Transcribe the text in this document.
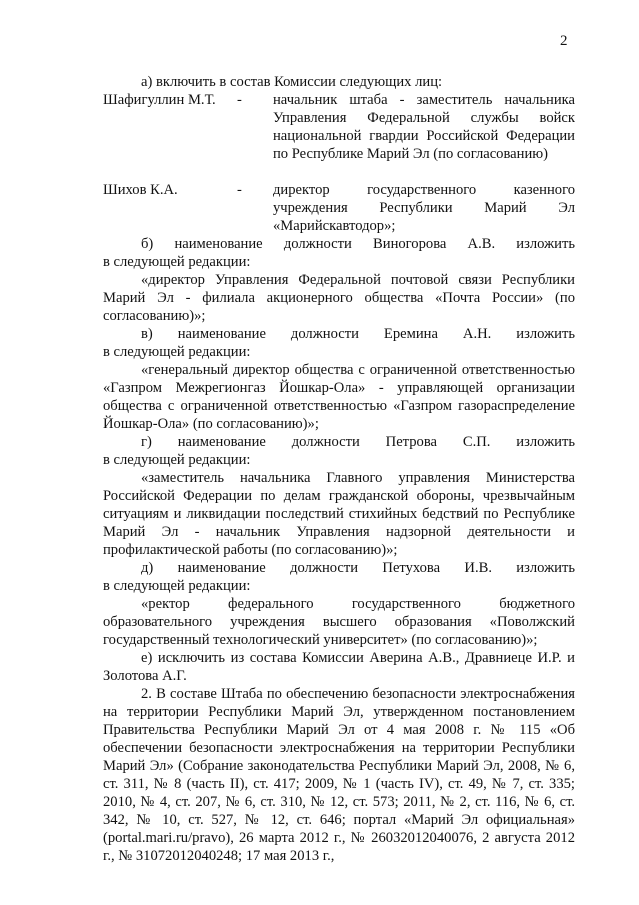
2

а) включить в состав Комиссии следующих лиц:

Шафигуллин М.Т.	-	начальник штаба - заместитель начальника Управления Федеральной службы войск национальной гвардии Российской Федерации по Республике Марий Эл (по согласованию)
Шихов К.А.	-	директор государственного казенного учреждения Республики Марий Эл «Марийскавтодор»;

б) наименование должности Виногорова А.В. изложить

в следующей редакции:

«директор Управления Федеральной почтовой связи Республики Марий Эл - филиала акционерного общества «Почта России» (по согласованию)»;

в) наименование должности Еремина А.Н. изложить

в следующей редакции:

«генеральный директор общества с ограниченной ответственностью «Газпром Межрегионгаз Йошкар-Ола» - управляющей организации общества с ограниченной ответственностью «Газпром газораспределение Йошкар-Ола» (по согласованию)»;

г) наименование должности Петрова С.П. изложить

в следующей редакции:

«заместитель начальника Главного управления Министерства Российской Федерации по делам гражданской обороны, чрезвычайным ситуациям и ликвидации последствий стихийных бедствий по Республике Марий Эл - начальник Управления надзорной деятельности и профилактической работы (по согласованию)»;

д) наименование должности Петухова И.В. изложить

в следующей редакции:

«ректор федерального государственного бюджетного образовательного учреждения высшего образования «Поволжский государственный технологический университет» (по согласованию)»;

е) исключить из состава Комиссии Аверина А.В., Дравниеце И.Р. и Золотова А.Г.

2. В составе Штаба по обеспечению безопасности электроснабжения на территории Республики Марий Эл, утвержденном постановлением Правительства Республики Марий Эл от 4 мая 2008 г. № 115 «Об обеспечении безопасности электроснабжения на территории Республики Марий Эл» (Собрание законодательства Республики Марий Эл, 2008, № 6, ст. 311, № 8 (часть II), ст. 417; 2009, № 1 (часть IV), ст. 49, № 7, ст. 335; 2010, № 4, ст. 207, № 6, ст. 310, № 12, ст. 573; 2011, № 2, ст. 116, № 6, ст. 342, № 10, ст. 527, № 12, ст. 646; портал «Марий Эл официальная» (portal.mari.ru/pravo), 26 марта 2012 г., № 26032012040076, 2 августа 2012 г., № 31072012040248; 17 мая 2013 г.,
